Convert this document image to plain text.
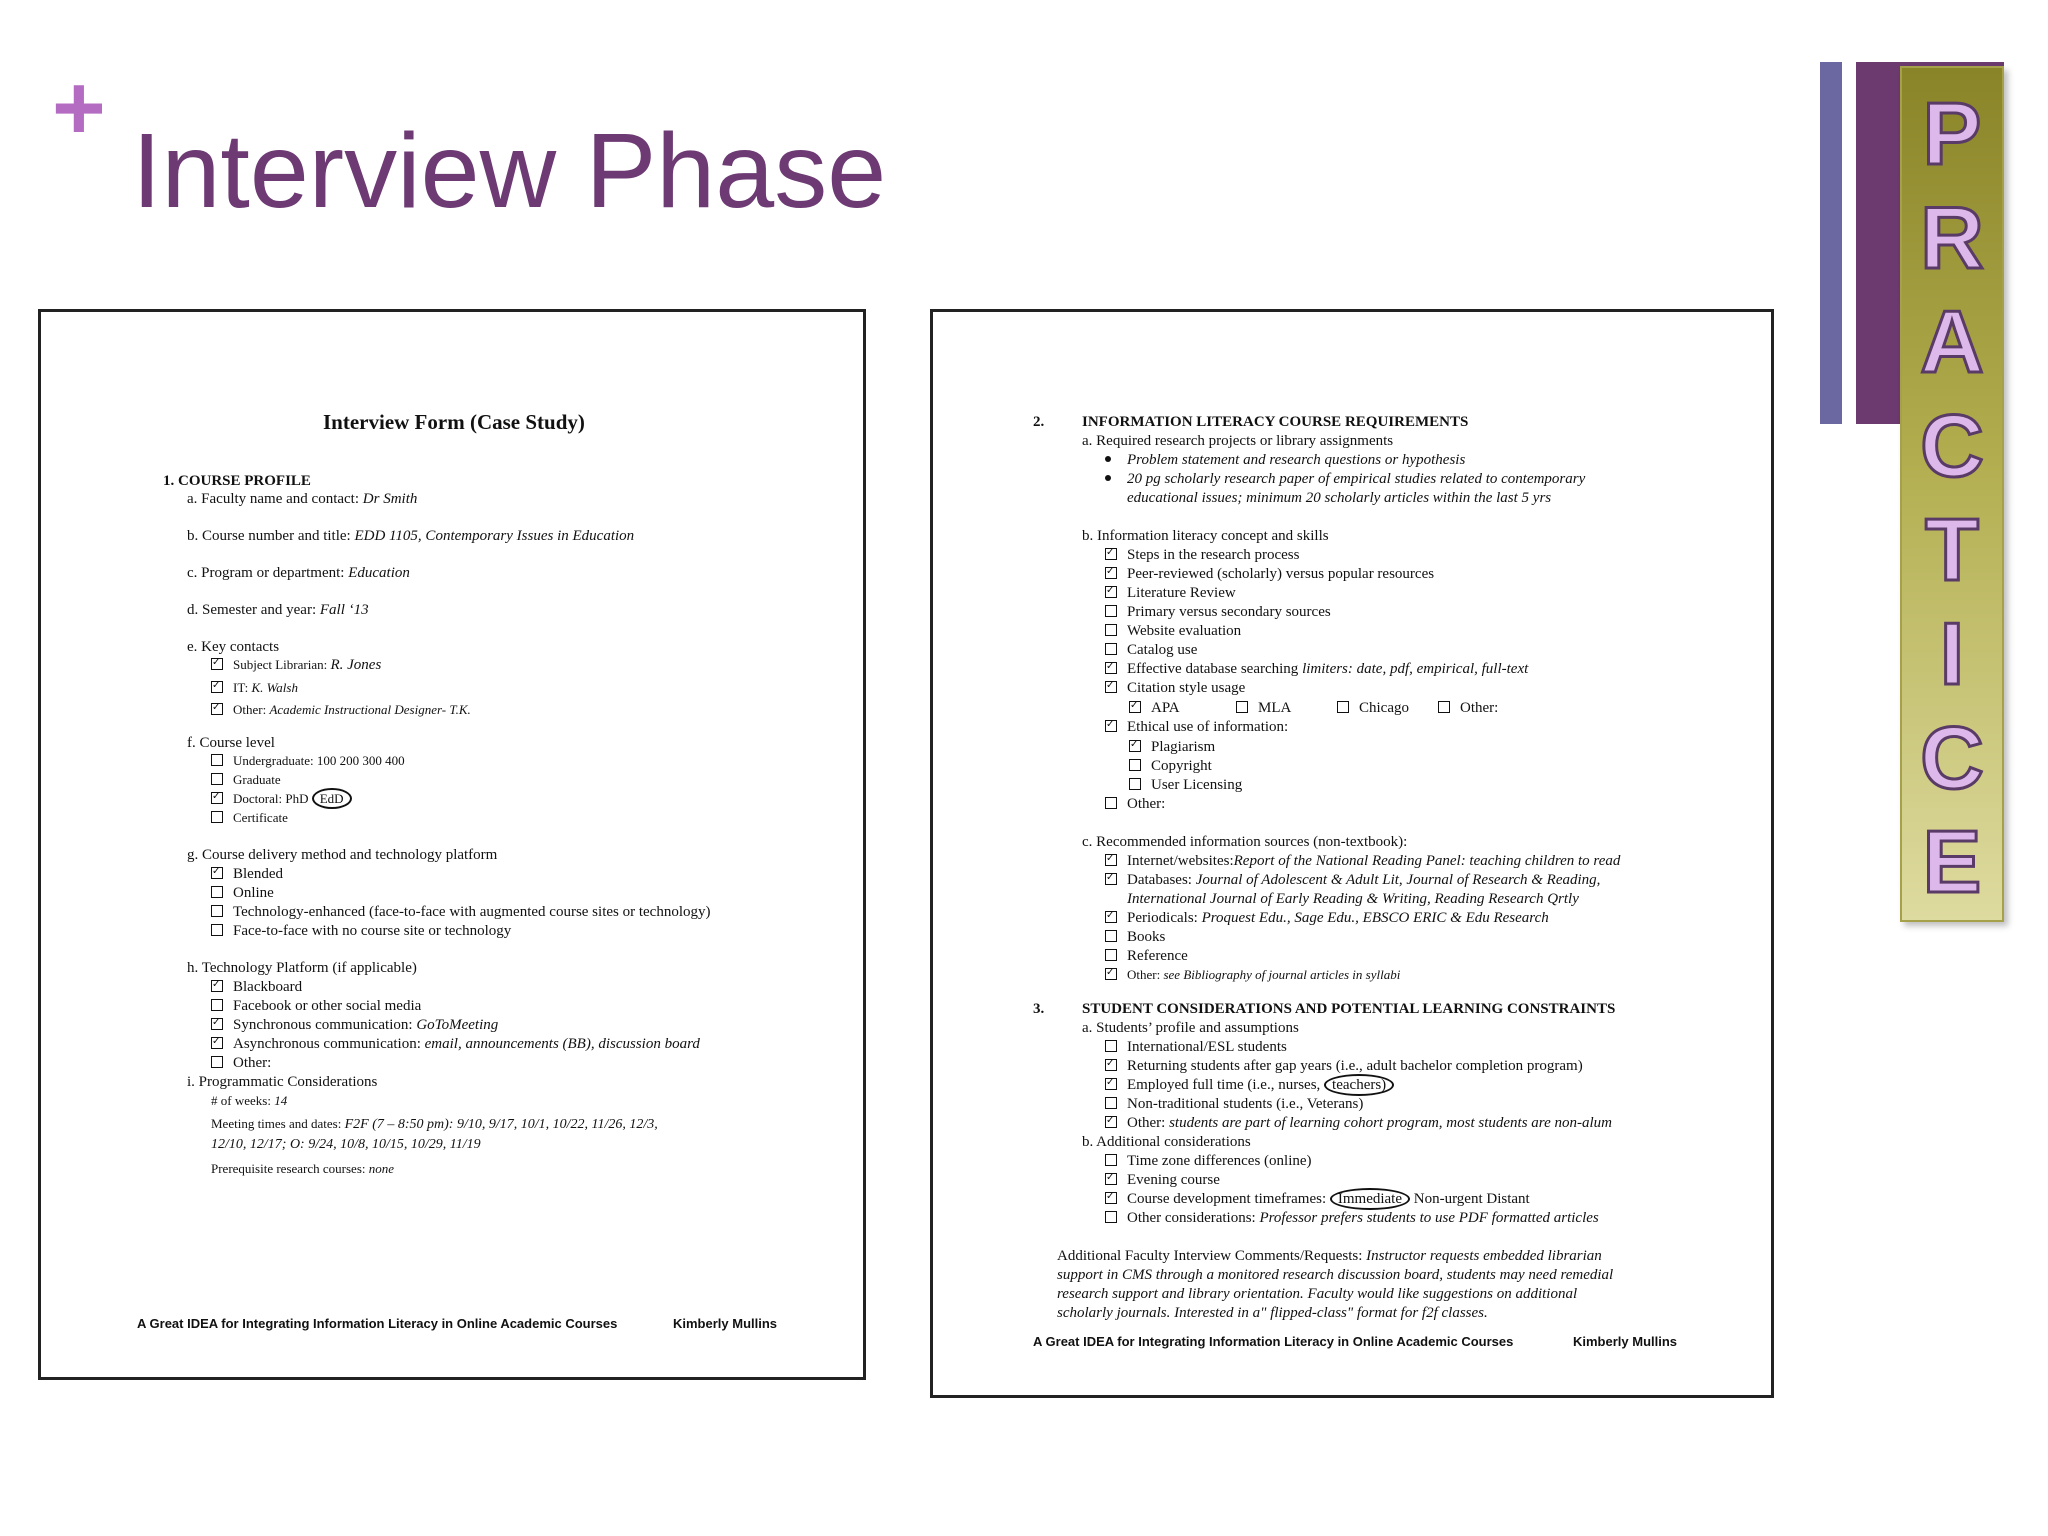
+
Interview Phase	P
R
A
C
T
I
C
E
Interview Form (Case Study)
1. COURSE PROFILE
a. Faculty name and contact: Dr Smith
b. Course number and title: EDD 1105, Contemporary Issues in Education
c. Program or department: Education
d. Semester and year: Fall ‘13
e. Key contacts
✓Subject Librarian: R. Jones
✓IT: K. Walsh
✓Other: Academic Instructional Designer- T.K.
f. Course level
Undergraduate: 100 200 300 400
Graduate
✓Doctoral: PhD EdD
Certificate
g. Course delivery method and technology platform
✓Blended
Online
Technology-enhanced (face-to-face with augmented course sites or technology)
Face-to-face with no course site or technology
h. Technology Platform (if applicable)
✓Blackboard
Facebook or other social media
✓Synchronous communication: GoToMeeting
✓Asynchronous communication: email, announcements (BB), discussion board
Other:
i. Programmatic Considerations
# of weeks: 14
Meeting times and dates: F2F (7 – 8:50 pm): 9/10, 9/17, 10/1, 10/22, 11/26, 12/3,
12/10, 12/17; O: 9/24, 10/8, 10/15, 10/29, 11/19
Prerequisite research courses: none
A Great IDEA for Integrating Information Literacy in Online Academic Courses	Kimberly Mullins
2.	INFORMATION LITERACY COURSE REQUIREMENTS
a. Required research projects or library assignments
Problem statement and research questions or hypothesis
20 pg scholarly research paper of empirical studies related to contemporary
educational issues; minimum 20 scholarly articles within the last 5 yrs
b. Information literacy concept and skills
✓Steps in the research process
✓Peer-reviewed (scholarly) versus popular resources
✓Literature Review
Primary versus secondary sources
Website evaluation
Catalog use
✓Effective database searching limiters: date, pdf, empirical, full-text
✓Citation style usage
✓APA	MLA	Chicago	Other:
✓Ethical use of information:
✓Plagiarism
Copyright
User Licensing
Other:
c. Recommended information sources (non-textbook):
✓Internet/websites:Report of the National Reading Panel: teaching children to read
✓Databases: Journal of Adolescent & Adult Lit, Journal of Research & Reading,
International Journal of Early Reading & Writing, Reading Research Qrtly
✓Periodicals: Proquest Edu., Sage Edu., EBSCO ERIC & Edu Research
Books
Reference
✓Other: see Bibliography of journal articles in syllabi
3.	STUDENT CONSIDERATIONS AND POTENTIAL LEARNING CONSTRAINTS
a. Students’ profile and assumptions
International/ESL students
✓Returning students after gap years (i.e., adult bachelor completion program)
✓Employed full time (i.e., nurses, teachers)
Non-traditional students (i.e., Veterans)
✓Other: students are part of learning cohort program, most students are non-alum
b. Additional considerations
Time zone differences (online)
✓Evening course
✓Course development timeframes: Immediate Non-urgent Distant
Other considerations: Professor prefers students to use PDF formatted articles
Additional Faculty Interview Comments/Requests: Instructor requests embedded librarian
support in CMS through a monitored research discussion board, students may need remedial
research support and library orientation. Faculty would like suggestions on additional
scholarly journals. Interested in a" flipped-class" format for f2f classes.
A Great IDEA for Integrating Information Literacy in Online Academic Courses	Kimberly Mullins
